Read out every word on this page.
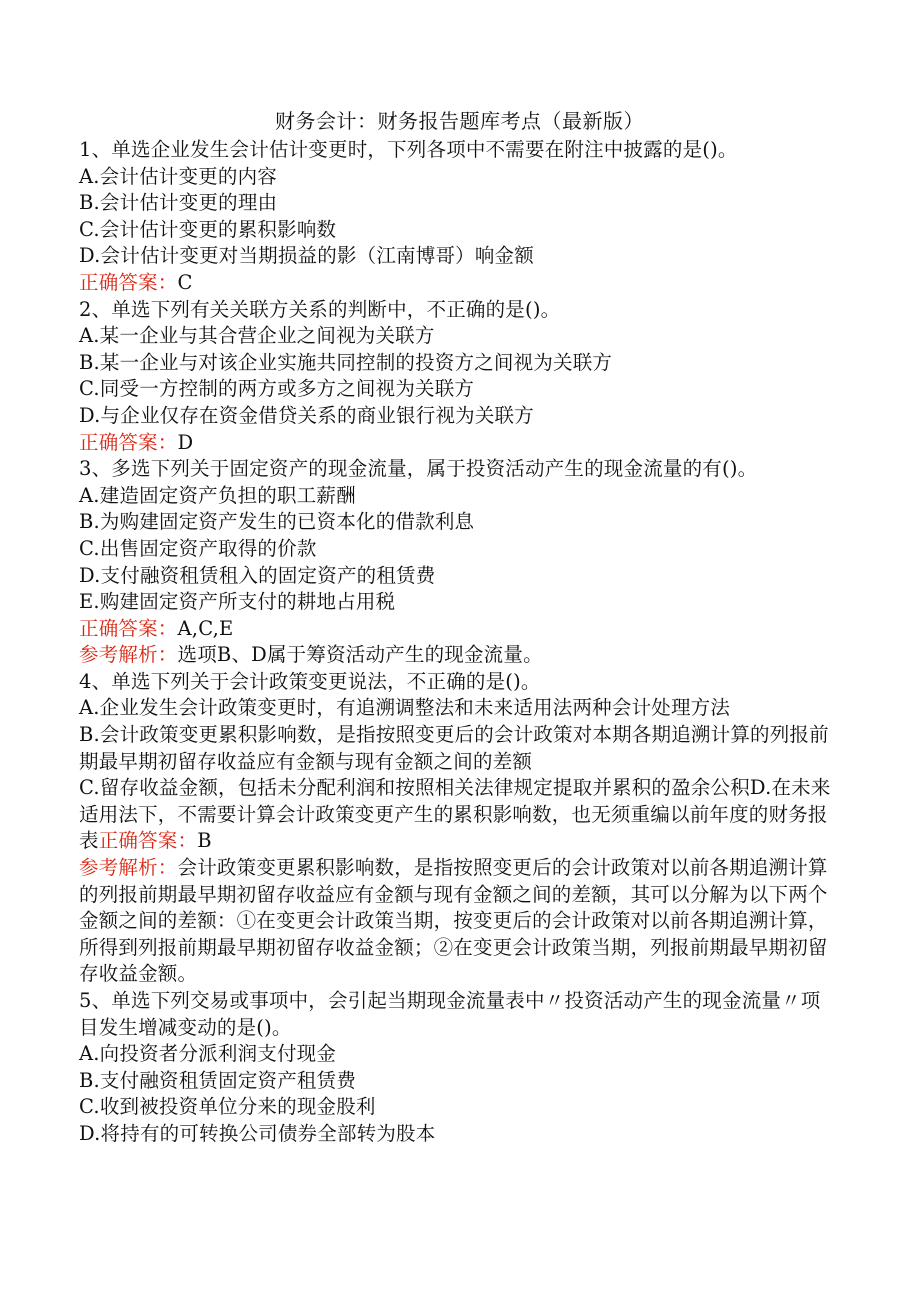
财务会计：财务报告题库考点（最新版）

1、单选企业发生会计估计变更时，下列各项中不需要在附注中披露的是()。

A.会计估计变更的内容

B.会计估计变更的理由

C.会计估计变更的累积影响数

D.会计估计变更对当期损益的影（江南博哥）响金额

正确答案：C

2、单选下列有关关联方关系的判断中，不正确的是()。

A.某一企业与其合营企业之间视为关联方

B.某一企业与对该企业实施共同控制的投资方之间视为关联方

C.同受一方控制的两方或多方之间视为关联方

D.与企业仅存在资金借贷关系的商业银行视为关联方

正确答案：D

3、多选下列关于固定资产的现金流量，属于投资活动产生的现金流量的有()。

A.建造固定资产负担的职工薪酬

B.为购建固定资产发生的已资本化的借款利息

C.出售固定资产取得的价款

D.支付融资租赁租入的固定资产的租赁费

E.购建固定资产所支付的耕地占用税

正确答案：A,C,E

参考解析：选项B、D属于筹资活动产生的现金流量。

4、单选下列关于会计政策变更说法，不正确的是()。

A.企业发生会计政策变更时，有追溯调整法和未来适用法两种会计处理方法

B.会计政策变更累积影响数，是指按照变更后的会计政策对本期各期追溯计算的列报前期最早期初留存收益应有金额与现有金额之间的差额

C.留存收益金额，包括未分配利润和按照相关法律规定提取并累积的盈余公积D.在未来适用法下，不需要计算会计政策变更产生的累积影响数，也无须重编以前年度的财务报表正确答案：B

参考解析：会计政策变更累积影响数，是指按照变更后的会计政策对以前各期追溯计算的列报前期最早期初留存收益应有金额与现有金额之间的差额，其可以分解为以下两个金额之间的差额：①在变更会计政策当期，按变更后的会计政策对以前各期追溯计算，所得到列报前期最早期初留存收益金额；②在变更会计政策当期，列报前期最早期初留存收益金额。

5、单选下列交易或事项中，会引起当期现金流量表中〃投资活动产生的现金流量〃项目发生增减变动的是()。

A.向投资者分派利润支付现金

B.支付融资租赁固定资产租赁费

C.收到被投资单位分来的现金股利

D.将持有的可转换公司债券全部转为股本
